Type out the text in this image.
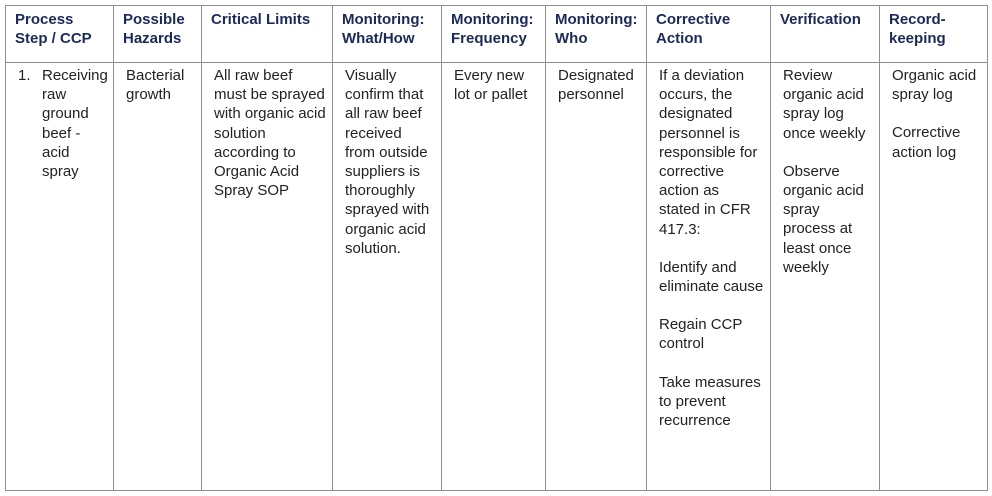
Process Step / CCP	Possible Hazards	Critical Limits	Monitoring: What/How	Monitoring: Frequency	Monitoring: Who	Corrective Action	Verification	Record-keeping

1. Receiving raw ground beef - acid spray	Bacterial growth	All raw beef must be sprayed with organic acid solution according to Organic Acid Spray SOP	Visually confirm that all raw beef received from outside suppliers is thoroughly sprayed with organic acid solution.	Every new lot or pallet	Designated personnel	If a deviation occurs, the designated personnel is responsible for corrective action as stated in CFR 417.3:
Identify and eliminate cause
Regain CCP control
Take measures to prevent recurrence	Review organic acid spray log once weekly
Observe organic acid spray process at least once weekly	Organic acid spray log
Corrective action log
